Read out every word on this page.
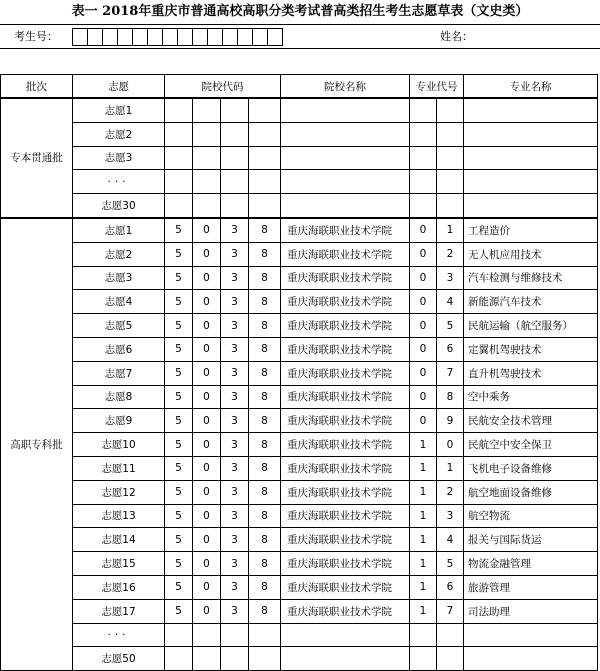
表一 2018年重庆市普通高校高职分类考试普高类招生考生志愿草表（文史类）
考生号：	姓名：
批次	志愿	院校代码				院校名称	专业代号		专业名称
专本贯通批	志愿1								
	志愿2								
	志愿3								
	···								
	志愿30								
高职专科批	志愿1	5	0	3	8	重庆海联职业技术学院	0	1	工程造价
	志愿2	5	0	3	8	重庆海联职业技术学院	0	2	无人机应用技术
	志愿3	5	0	3	8	重庆海联职业技术学院	0	3	汽车检测与维修技术
	志愿4	5	0	3	8	重庆海联职业技术学院	0	4	新能源汽车技术
	志愿5	5	0	3	8	重庆海联职业技术学院	0	5	民航运输（航空服务）
	志愿6	5	0	3	8	重庆海联职业技术学院	0	6	定翼机驾驶技术
	志愿7	5	0	3	8	重庆海联职业技术学院	0	7	直升机驾驶技术
	志愿8	5	0	3	8	重庆海联职业技术学院	0	8	空中乘务
	志愿9	5	0	3	8	重庆海联职业技术学院	0	9	民航安全技术管理
	志愿10	5	0	3	8	重庆海联职业技术学院	1	0	民航空中安全保卫
	志愿11	5	0	3	8	重庆海联职业技术学院	1	1	飞机电子设备维修
	志愿12	5	0	3	8	重庆海联职业技术学院	1	2	航空地面设备维修
	志愿13	5	0	3	8	重庆海联职业技术学院	1	3	航空物流
	志愿14	5	0	3	8	重庆海联职业技术学院	1	4	报关与国际货运
	志愿15	5	0	3	8	重庆海联职业技术学院	1	5	物流金融管理
	志愿16	5	0	3	8	重庆海联职业技术学院	1	6	旅游管理
	志愿17	5	0	3	8	重庆海联职业技术学院	1	7	司法助理
	···								
	志愿50								
